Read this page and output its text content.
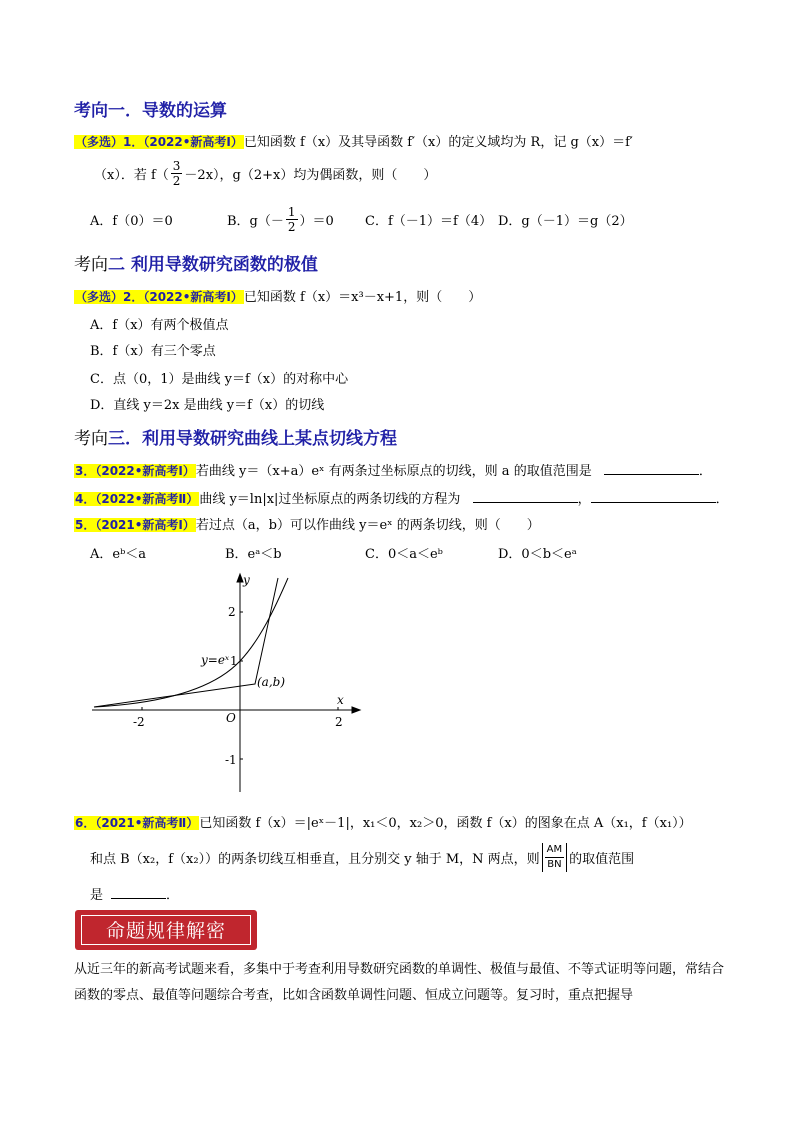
考向一．导数的运算
（多选）1．（2022•新高考Ⅰ）已知函数 f（x）及其导函数 f′（x）的定义域均为 R，记 g（x）＝f′
（x）．若 $f( \frac{3}{2} -2x)$，g（2+x）均为偶函数，则（　　）
A．f（0）＝0	B．$g(- \frac{1}{2} )=0$ C．f（－1）＝f（4） D．g（－1）＝g（2）
考向二 利用导数研究函数的极值
（多选）2．（2022•新高考Ⅰ）已知函数 f（x）＝x³－x+1，则（　　）
A．f（x）有两个极值点
B．f（x）有三个零点
C．点（0，1）是曲线 y＝f（x）的对称中心
D．直线 y＝2x 是曲线 y＝f（x）的切线
考向三．利用导数研究曲线上某点切线方程
3．（2022•新高考Ⅰ）若曲线 y＝（x+a）eˣ 有两条过坐标原点的切线，则 a 的取值范围是	．
4．（2022•新高考Ⅱ）曲线 y＝ln|x|过坐标原点的两条切线的方程为	，	．
5．（2021•新高考Ⅰ）若过点（a，b）可以作曲线 y＝eˣ 的两条切线，则（　　）
A．eᵇ＜a	B．eᵃ＜b	C．0＜a＜eᵇ	D．0＜b＜eᵃ
y
x
O
-2	2
2
1
-1
y=eˣ
(a,b)
6．（2021•新高考Ⅱ）已知函数 f（x）＝|eˣ－1|，x₁＜0，x₂＞0，函数 f（x）的图象在点 A（x₁，f（x₁））
和点 B（x₂，f（x₂））的两条切线互相垂直，且分别交 y 轴于 M，N 两点，则 $\frac{AM}{BN}$ 的取值范围
是	．
命题规律解密
从近三年的新高考试题来看，多集中于考查利用导数研究函数的单调性、极值与最值、不等式证明等问题，常结合函数的零点、最值等问题综合考查，比如含函数单调性问题、恒成立问题等。复习时，重点把握导
